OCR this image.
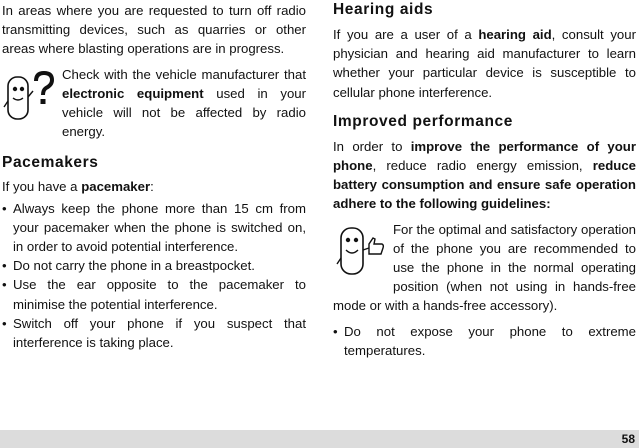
In areas where you are requested to turn off radio transmitting devices, such as quarries or other areas where blasting operations are in progress.

Check with the vehicle manufacturer that electronic equipment used in your vehicle will not be affected by radio energy.

Pacemakers

If you have a pacemaker:

• Always keep the phone more than 15 cm from your pacemaker when the phone is switched on, in order to avoid potential interference.
• Do not carry the phone in a breastpocket.
• Use the ear opposite to the pacemaker to minimise the potential interference.
• Switch off your phone if you suspect that interference is taking place.
Hearing aids

If you are a user of a hearing aid, consult your physician and hearing aid manufacturer to learn whether your particular device is susceptible to cellular phone interference.

Improved performance

In order to improve the performance of your phone, reduce radio energy emission, reduce battery consumption and ensure safe operation adhere to the following guidelines:

For the optimal and satisfactory operation of the phone you are recommended to use the phone in the normal operating position (when not using in hands-free mode or with a hands-free accessory).

• Do not expose your phone to extreme temperatures.
58
